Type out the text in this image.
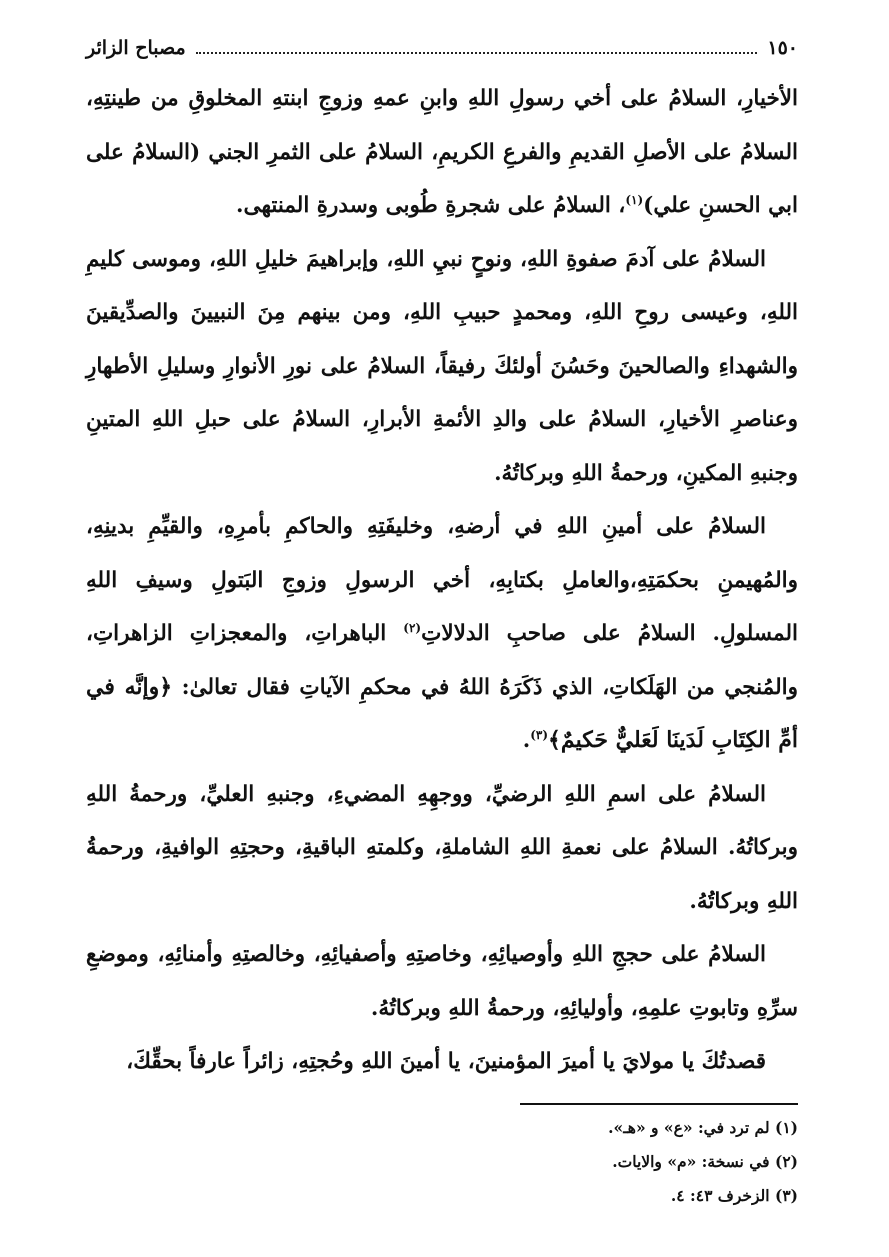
١٥٠
مصباح الزائر

الأخيارِ، السلامُ على أخي رسولِ اللهِ وابنِ عمهِ وزوجِ ابنتهِ المخلوقِ من طينتِهِ، السلامُ على الأصلِ القديمِ والفرعِ الكريمِ، السلامُ على الثمرِ الجني (السلامُ على ابي الحسنِ علي)$^{(١)}$، السلامُ على شجرةِ طُوبى وسدرةِ المنتهى.

السلامُ على آدمَ صفوةِ اللهِ، ونوحٍ نبيِ اللهِ، وإبراهيمَ خليلِ اللهِ، وموسى كليمِ اللهِ، وعيسى روحِ اللهِ، ومحمدٍ حبيبِ اللهِ، ومن بينهم مِنَ النبيينَ والصدِّيقينَ والشهداءِ والصالحينَ وحَسُنَ أولئكَ رفيقاً، السلامُ على نورِ الأنوارِ وسليلِ الأطهارِ وعناصرِ الأخيارِ، السلامُ على والدِ الأئمةِ الأبرارِ، السلامُ على حبلِ اللهِ المتينِ وجنبهِ المكينِ، ورحمةُ اللهِ وبركاتُهُ.

السلامُ على أمينِ اللهِ في أرضهِ، وخليفَتِهِ والحاكمِ بأمرِهِ، والقيِّمِ بدينِهِ، والمُهيمنِ بحكمَتِهِ،والعاملِ بكتابِهِ، أخي الرسولِ وزوجِ البَتولِ وسيفِ اللهِ المسلولِ. السلامُ على صاحبِ الدلالاتِ$^{(٢)}$ الباهراتِ، والمعجزاتِ الزاهراتِ، والمُنجي من الهَلَكاتِ، الذي ذَكَرَهُ اللهُ في محكمِ الآياتِ فقال تعالىٰ: ﴿وإنَّه في أمِّ الكِتَابِ لَدَينَا لَعَليٌّ حَكيمٌ﴾$^{(٣)}$.

السلامُ على اسمِ اللهِ الرضيِّ، ووجهِهِ المضيءِ، وجنبهِ العليِّ، ورحمةُ اللهِ وبركاتُهُ. السلامُ على نعمةِ اللهِ الشاملةِ، وكلمتهِ الباقيةِ، وحجتِهِ الوافيةِ، ورحمةُ اللهِ وبركاتُهُ.

السلامُ على حججِ اللهِ وأوصيائِهِ، وخاصتِهِ وأصفيائِهِ، وخالصتِهِ وأمنائِهِ، وموضعِ سرِّهِ وتابوتِ علمِهِ، وأوليائِهِ، ورحمةُ اللهِ وبركاتُهُ.

قصدتُكَ يا مولايَ يا أميرَ المؤمنينَ، يا أمينَ اللهِ وحُجتِهِ، زائراً عارفاً بحقِّكَ،

(١) لم ترد في: «ع» و «هـ».

(٢) في نسخة: «م» والايات.

(٣) الزخرف ٤٣: ٤.
